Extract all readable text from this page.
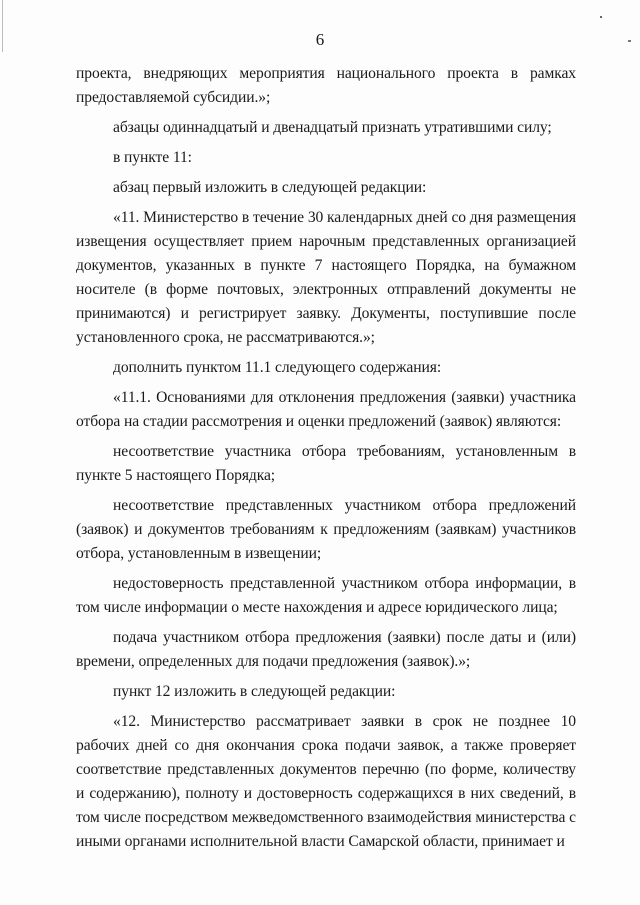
6

проекта, внедряющих мероприятия национального проекта в рамках предоставляемой субсидии.»;

абзацы одиннадцатый и двенадцатый признать утратившими силу;

в пункте 11:

абзац первый изложить в следующей редакции:

«11. Министерство в течение 30 календарных дней со дня размещения извещения осуществляет прием нарочным представленных организацией документов, указанных в пункте 7 настоящего Порядка, на бумажном носителе (в форме почтовых, электронных отправлений документы не принимаются) и регистрирует заявку. Документы, поступившие после установленного срока, не рассматриваются.»;

дополнить пунктом 11.1 следующего содержания:

«11.1. Основаниями для отклонения предложения (заявки) участника отбора на стадии рассмотрения и оценки предложений (заявок) являются:

несоответствие участника отбора требованиям, установленным в пункте 5 настоящего Порядка;

несоответствие представленных участником отбора предложений (заявок) и документов требованиям к предложениям (заявкам) участников отбора, установленным в извещении;

недостоверность представленной участником отбора информации, в том числе информации о месте нахождения и адресе юридического лица;

подача участником отбора предложения (заявки) после даты и (или) времени, определенных для подачи предложения (заявок).»;

пункт 12 изложить в следующей редакции:

«12. Министерство рассматривает заявки в срок не позднее 10 рабочих дней со дня окончания срока подачи заявок, а также проверяет соответствие представленных документов перечню (по форме, количеству и содержанию), полноту и достоверность содержащихся в них сведений, в том числе посредством межведомственного взаимодействия министерства с иными органами исполнительной власти Самарской области, принимает и
